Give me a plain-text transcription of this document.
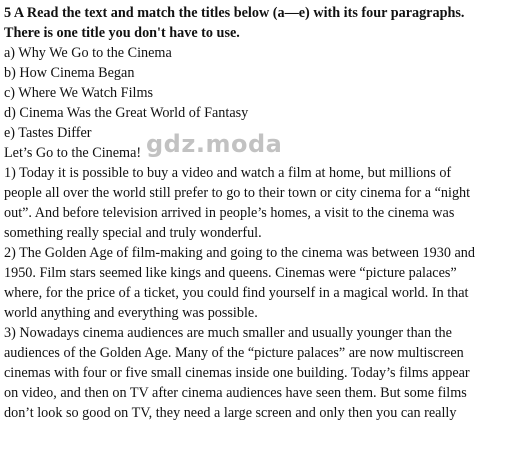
5 A Read the text and match the titles below (a—e) with its four paragraphs.
There is one title you don't have to use.
a) Why We Go to the Cinema
b) How Cinema Began
c) Where We Watch Films
d) Cinema Was the Great World of Fantasy
e) Tastes Differ
Let’s Go to the Cinema!
1) Today it is possible to buy a video and watch a film at home, but millions of
people all over the world still prefer to go to their town or city cinema for a “night
out”. And before television arrived in people’s homes, a visit to the cinema was
something really special and truly wonderful.
2) The Golden Age of film-making and going to the cinema was between 1930 and
1950. Film stars seemed like kings and queens. Cinemas were “picture palaces”
where, for the price of a ticket, you could find yourself in a magical world. In that
world anything and everything was possible.
3) Nowadays cinema audiences are much smaller and usually younger than the
audiences of the Golden Age. Many of the “picture palaces” are now multiscreen
cinemas with four or five small cinemas inside one building. Today’s films appear
on video, and then on TV after cinema audiences have seen them. But some films
don’t look so good on TV, they need a large screen and only then you can really
gdz.moda
